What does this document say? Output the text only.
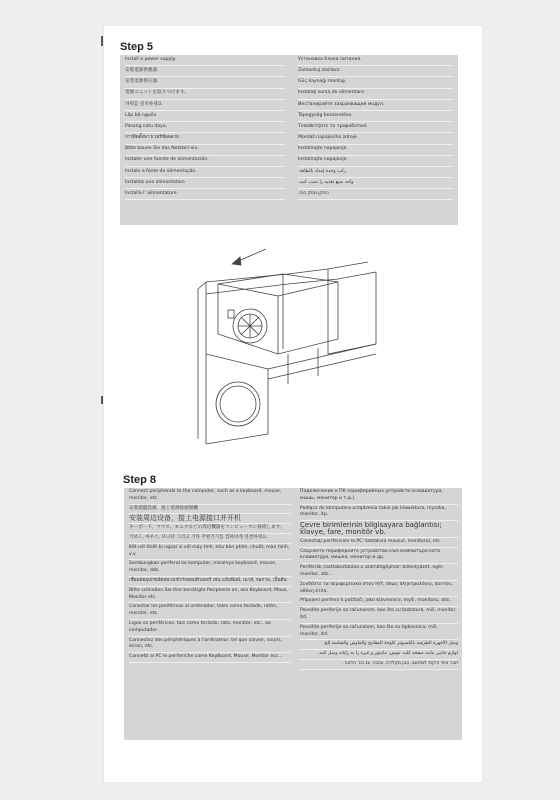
Step 5
Install a power supply.
安裝電源供應器
安装电源供应器
電源ユニットを取りつけます。
파워를 설치하세요
Lắp bộ nguồn
Pasang catu daya.
การติดตั้งพาวเวอร์ซัพพลาย
Bitte bauen Sie das Netzteil ein.
Instaler une fuente de alimentación.
Instale a fonte de alimentação.
Installez une alimentation
Installa l' alimentatore
Установка блока питания.
Zamontuj zasilacz
Güç kaynağı montajı.
Instalaţi sursa de alimentare.
Инсталирайте захранващия модул.
Tápegység beszerelése.
Τοποθετήστε το τροφοδοτικό
Montáž napájecího zdroje.
Instalirajte napajanje.
Instalirajte napajanje.
ركب وحدة إمداد بالطاقة.
واحد منبع تغذیه را نصب كنید.
התקן ספק כוח.
Step 8
Connect peripherals to the computer, such as a keyboard, mouse, monitor, etc.
安裝週邊設備，接上電源接頭開機
安装周边设备，接上电源接口并开机
キーボード、マウス、モニタなどの周辺機器をコンピュータに接続します。
키보드, 마우스, 모니터 그리고 기타 주변기기를 컴퓨터에 연결하세요.
Kết nối thiết bị ngoại vi với máy tính, như bàn phím, chuột, màn hình, v.v.
Sambungkan periferal ke komputer, misalnya keyboard, mouse, monitor, dsb.
เชื่อมต่ออุปกรณ์ต่อพ่วงเข้ากับคอมพิวเตอร์ เช่น แป้นพิมพ์, เมาส์, จอภาพ, เป็นต้น
Bitte schließen Sie Ihre benötigte Peripherie an, wie Keyboard, Maus, Monitor etc.
Conectar los periféricos al ordenador, tales como teclado, ratón, monitor, etc.
Ligue os periféricos, tais como teclado, rato, monitor, etc., ao computador.
Connectez des périphériques à l'ordinateur, tel que clavier, souris, écran, etc.
Connetti al PC le periferiche come KeyBoard, Mouse, Monitor ecc...
Подключение к ПК периферийных устройств (клавиатура, мышь, монитор и т.д.).
Podłącz do komputera urządzenia takie jak klawiatura, myszka, monitor, itp.
Çevre birimlerinin bilgisayara bağlantısı; klavye, fare, monitör vb.
Conectaţi perifericele la PC: tastatura mausul, monitorul, etc.
Свържете периферните устройства към компютъра като клавиатура, мишка, монитор и др.
Perifériák csatlakoztatása a számítógéphez: billentyűzet, egér, monitor, stb...
Συνδέστε τα περιφερειακά στον Η/Υ, όπως πληκτρολόγιο, ποντίκι, οθόνη κτλπ.
Připojení periferií k počítači, jako klávesnice, myši, monitoru, atd..
Povežite periferije sa računarom, kao što su tastatura, miš, monitor, itd.
Povežite periferije sa računalom, kao što su tipkovnica, miš, monitor, itd.
وصل الأجهزة الطرفية بالكمبيوتر كلوحة المفاتيح والماوس والشاشة إلخ.
لوازم جانبی مانند صفحه كلید، موس، مانیتور و غیره را به رایانه وصل كنید.
חבר ציוד היקפי למחשב, כגון מקלדת, עכבר, צג וכו' הלאה.
